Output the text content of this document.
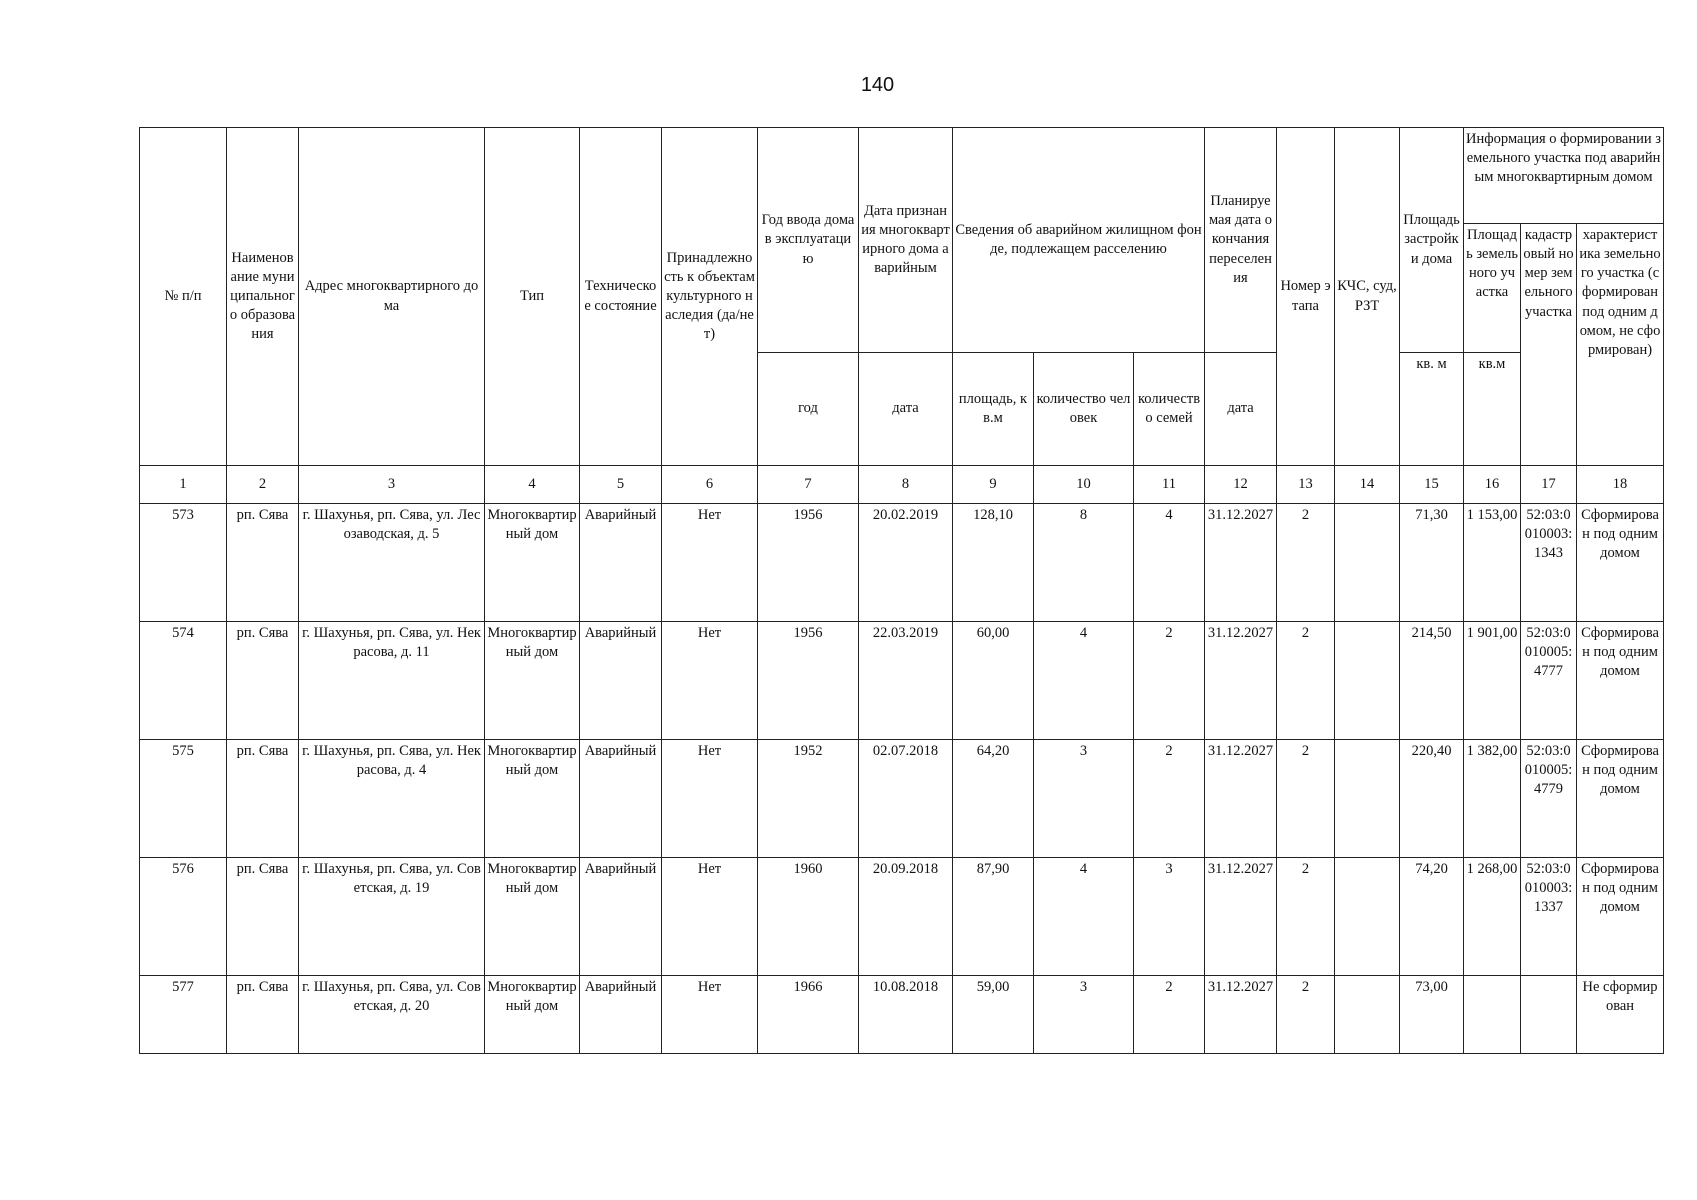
140
№ п/п	Наименование муниципального образования	Адрес многоквартирного дома	Тип	Техническое состояние	Принадлежность к объектам культурного наследия (да/нет)	Год ввода дома в эксплуатацию	Дата признания многоквартирного дома аварийным	Сведения об аварийном жилищном фонде, подлежащем расселению			Планируемая дата окончания переселения	Номер этапа	КЧС, суд, РЗТ	Площадь застройки дома	Информация о формировании земельного участка под аварийным многоквартирным домом		
															Площадь земельного участка	кадастровый номер земельного участка	характеристика земельного участка (сформирован под одним домом, не сформирован)
						год	дата	площадь, кв.м	количество человек	количество семей	дата			кв. м	кв.м		
1	2	3	4	5	6	7	8	9	10	11	12	13	14	15	16	17	18
573	рп. Сява	г. Шахунья, рп. Сява, ул. Лесозаводская, д. 5	Многоквартирный дом	Аварийный	Нет	1956	20.02.2019	128,10	8	4	31.12.2027	2		71,30	1 153,00	52:03:0010003:1343	Сформирован под одним домом
574	рп. Сява	г. Шахунья, рп. Сява, ул. Некрасова, д. 11	Многоквартирный дом	Аварийный	Нет	1956	22.03.2019	60,00	4	2	31.12.2027	2		214,50	1 901,00	52:03:0010005:4777	Сформирован под одним домом
575	рп. Сява	г. Шахунья, рп. Сява, ул. Некрасова, д. 4	Многоквартирный дом	Аварийный	Нет	1952	02.07.2018	64,20	3	2	31.12.2027	2		220,40	1 382,00	52:03:0010005:4779	Сформирован под одним домом
576	рп. Сява	г. Шахунья, рп. Сява, ул. Советская, д. 19	Многоквартирный дом	Аварийный	Нет	1960	20.09.2018	87,90	4	3	31.12.2027	2		74,20	1 268,00	52:03:0010003:1337	Сформирован под одним домом
577	рп. Сява	г. Шахунья, рп. Сява, ул. Советская, д. 20	Многоквартирный дом	Аварийный	Нет	1966	10.08.2018	59,00	3	2	31.12.2027	2		73,00			Не сформирован
